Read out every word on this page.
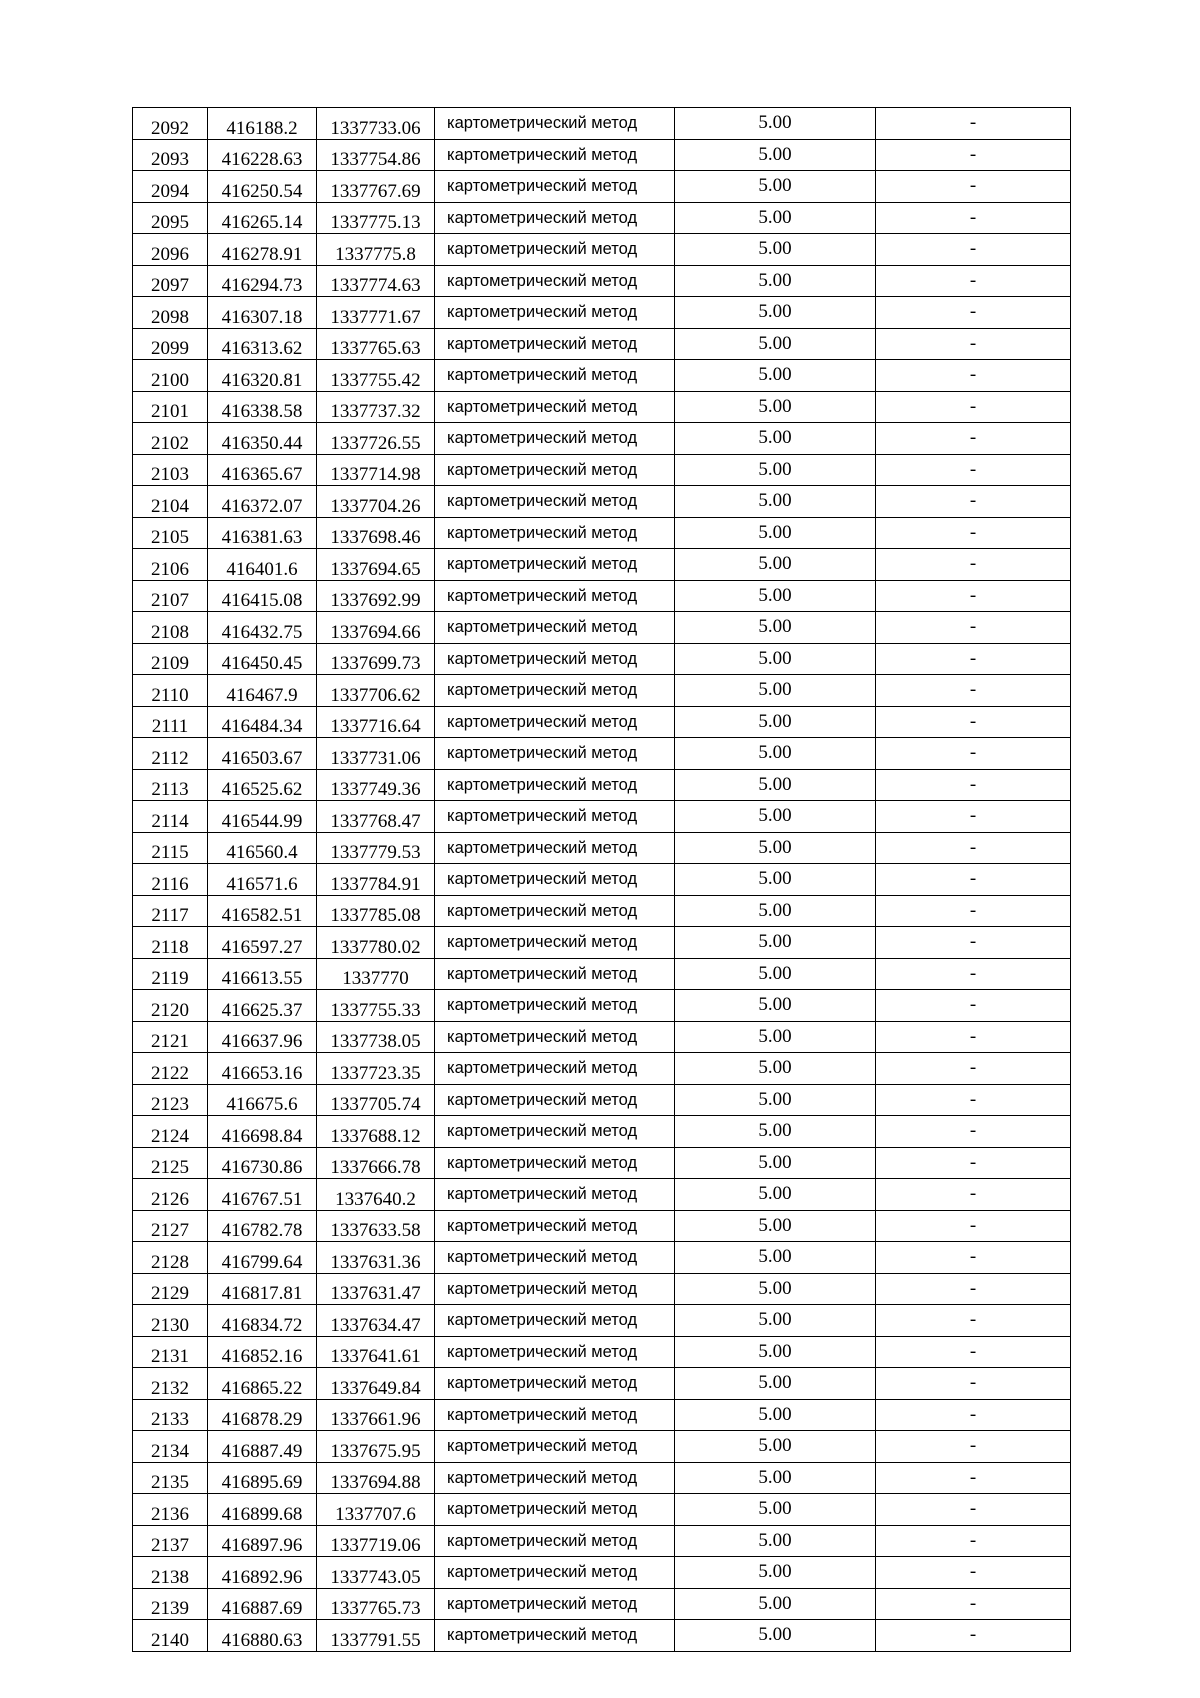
2092	416188.2	1337733.06	картометрический метод	5.00	-
2093	416228.63	1337754.86	картометрический метод	5.00	-
2094	416250.54	1337767.69	картометрический метод	5.00	-
2095	416265.14	1337775.13	картометрический метод	5.00	-
2096	416278.91	1337775.8	картометрический метод	5.00	-
2097	416294.73	1337774.63	картометрический метод	5.00	-
2098	416307.18	1337771.67	картометрический метод	5.00	-
2099	416313.62	1337765.63	картометрический метод	5.00	-
2100	416320.81	1337755.42	картометрический метод	5.00	-
2101	416338.58	1337737.32	картометрический метод	5.00	-
2102	416350.44	1337726.55	картометрический метод	5.00	-
2103	416365.67	1337714.98	картометрический метод	5.00	-
2104	416372.07	1337704.26	картометрический метод	5.00	-
2105	416381.63	1337698.46	картометрический метод	5.00	-
2106	416401.6	1337694.65	картометрический метод	5.00	-
2107	416415.08	1337692.99	картометрический метод	5.00	-
2108	416432.75	1337694.66	картометрический метод	5.00	-
2109	416450.45	1337699.73	картометрический метод	5.00	-
2110	416467.9	1337706.62	картометрический метод	5.00	-
2111	416484.34	1337716.64	картометрический метод	5.00	-
2112	416503.67	1337731.06	картометрический метод	5.00	-
2113	416525.62	1337749.36	картометрический метод	5.00	-
2114	416544.99	1337768.47	картометрический метод	5.00	-
2115	416560.4	1337779.53	картометрический метод	5.00	-
2116	416571.6	1337784.91	картометрический метод	5.00	-
2117	416582.51	1337785.08	картометрический метод	5.00	-
2118	416597.27	1337780.02	картометрический метод	5.00	-
2119	416613.55	1337770	картометрический метод	5.00	-
2120	416625.37	1337755.33	картометрический метод	5.00	-
2121	416637.96	1337738.05	картометрический метод	5.00	-
2122	416653.16	1337723.35	картометрический метод	5.00	-
2123	416675.6	1337705.74	картометрический метод	5.00	-
2124	416698.84	1337688.12	картометрический метод	5.00	-
2125	416730.86	1337666.78	картометрический метод	5.00	-
2126	416767.51	1337640.2	картометрический метод	5.00	-
2127	416782.78	1337633.58	картометрический метод	5.00	-
2128	416799.64	1337631.36	картометрический метод	5.00	-
2129	416817.81	1337631.47	картометрический метод	5.00	-
2130	416834.72	1337634.47	картометрический метод	5.00	-
2131	416852.16	1337641.61	картометрический метод	5.00	-
2132	416865.22	1337649.84	картометрический метод	5.00	-
2133	416878.29	1337661.96	картометрический метод	5.00	-
2134	416887.49	1337675.95	картометрический метод	5.00	-
2135	416895.69	1337694.88	картометрический метод	5.00	-
2136	416899.68	1337707.6	картометрический метод	5.00	-
2137	416897.96	1337719.06	картометрический метод	5.00	-
2138	416892.96	1337743.05	картометрический метод	5.00	-
2139	416887.69	1337765.73	картометрический метод	5.00	-
2140	416880.63	1337791.55	картометрический метод	5.00	-
